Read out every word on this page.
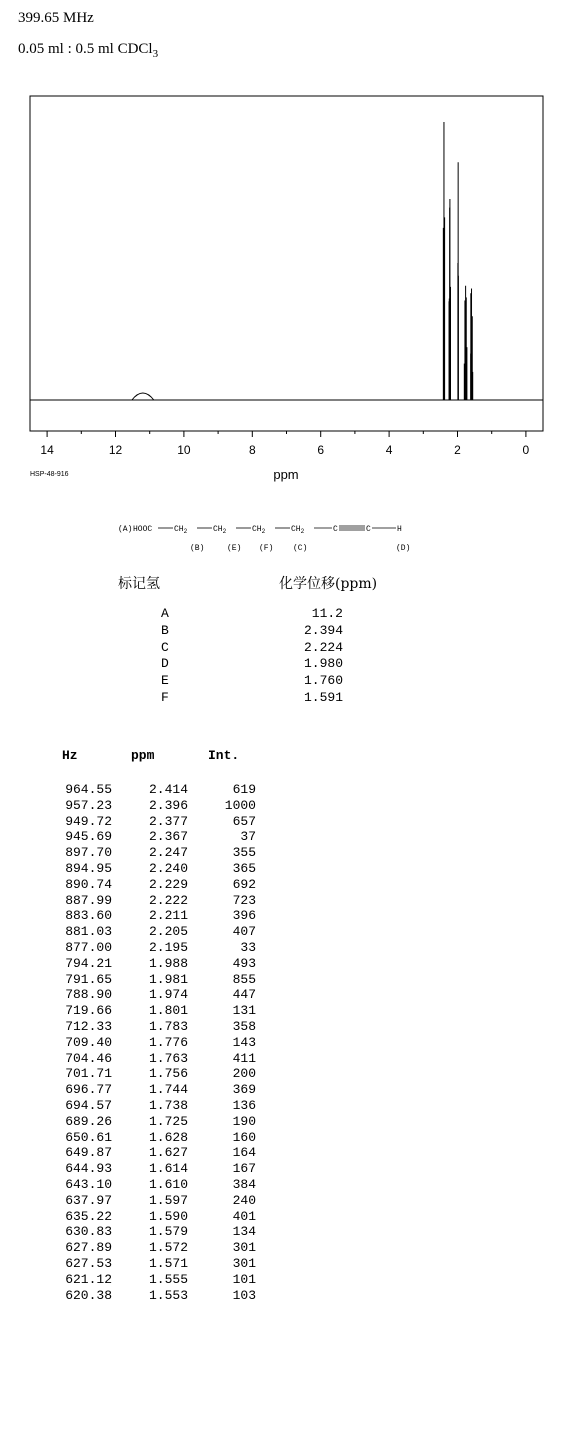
399.65 MHz
0.05 ml : 0.5 ml CDCl$_3$
14	12	10	8	6	4	2	0
ppm
HSP-48-916
(A) HOOC	$CH_2$	$CH_2$	$CH_2$	$CH_2$	C	C	H
(B)	(E) (F) (C)	(D)
标记氢	化学位移(ppm)
A	11.2
B	2.394
C	2.224
D	1.980
E	1.760
F	1.591
Hz	ppm	Int.
964.55	2.414	619
957.23	2.396	1000
949.72	2.377	657
945.69	2.367	37
897.70	2.247	355
894.95	2.240	365
890.74	2.229	692
887.99	2.222	723
883.60	2.211	396
881.03	2.205	407
877.00	2.195	33
794.21	1.988	493
791.65	1.981	855
788.90	1.974	447
719.66	1.801	131
712.33	1.783	358
709.40	1.776	143
704.46	1.763	411
701.71	1.756	200
696.77	1.744	369
694.57	1.738	136
689.26	1.725	190
650.61	1.628	160
649.87	1.627	164
644.93	1.614	167
643.10	1.610	384
637.97	1.597	240
635.22	1.590	401
630.83	1.579	134
627.89	1.572	301
627.53	1.571	301
621.12	1.555	101
620.38	1.553	103
